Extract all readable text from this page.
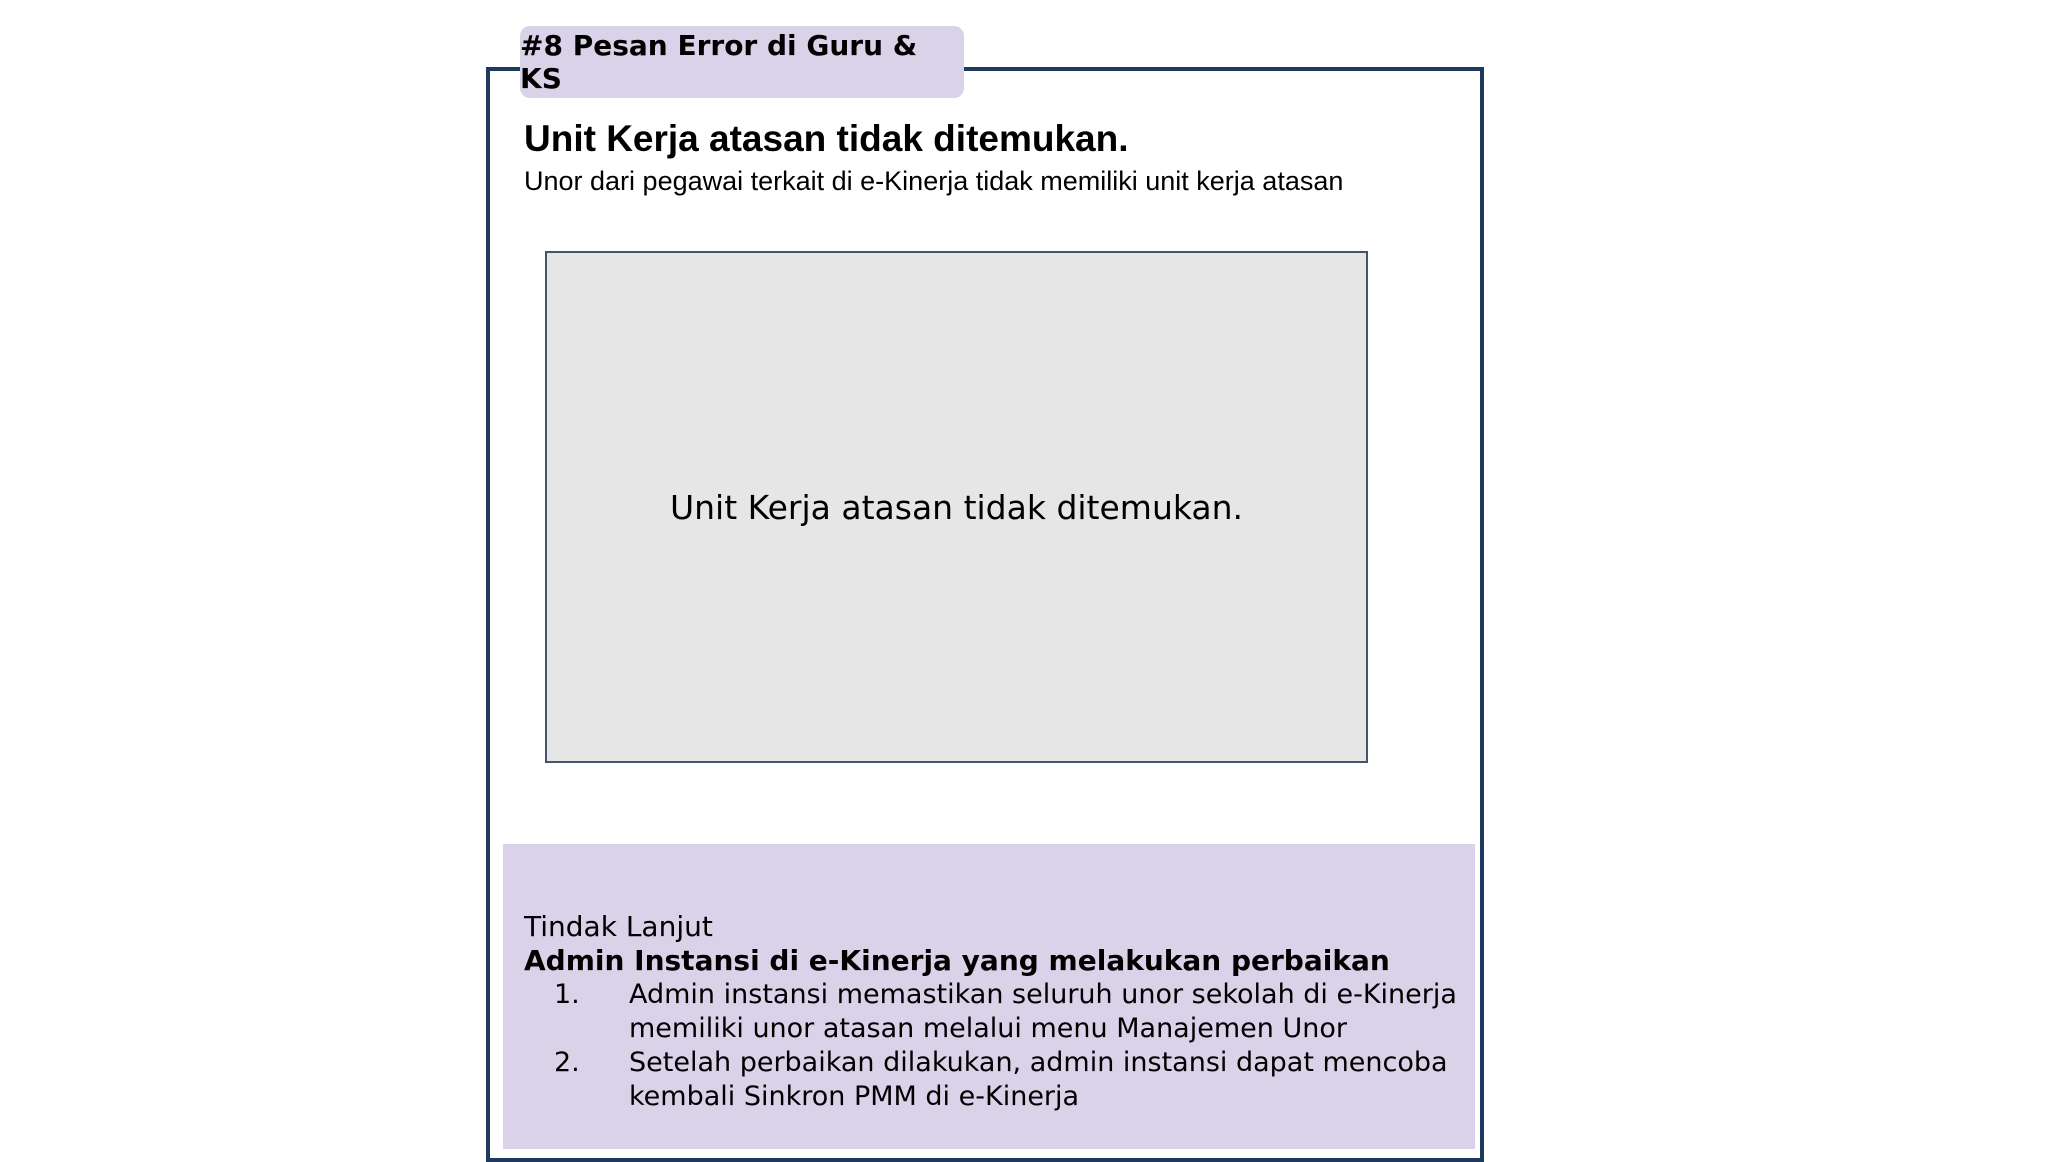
#8 Pesan Error di Guru & KS
Unit Kerja atasan tidak ditemukan.
Unor dari pegawai terkait di e-Kinerja tidak memiliki unit kerja atasan
Unit Kerja atasan tidak ditemukan.
Tindak Lanjut
Admin Instansi di e-Kinerja yang melakukan perbaikan
1. Admin instansi memastikan seluruh unor sekolah di e-Kinerja
memiliki unor atasan melalui menu Manajemen Unor
2. Setelah perbaikan dilakukan, admin instansi dapat mencoba
kembali Sinkron PMM di e-Kinerja
